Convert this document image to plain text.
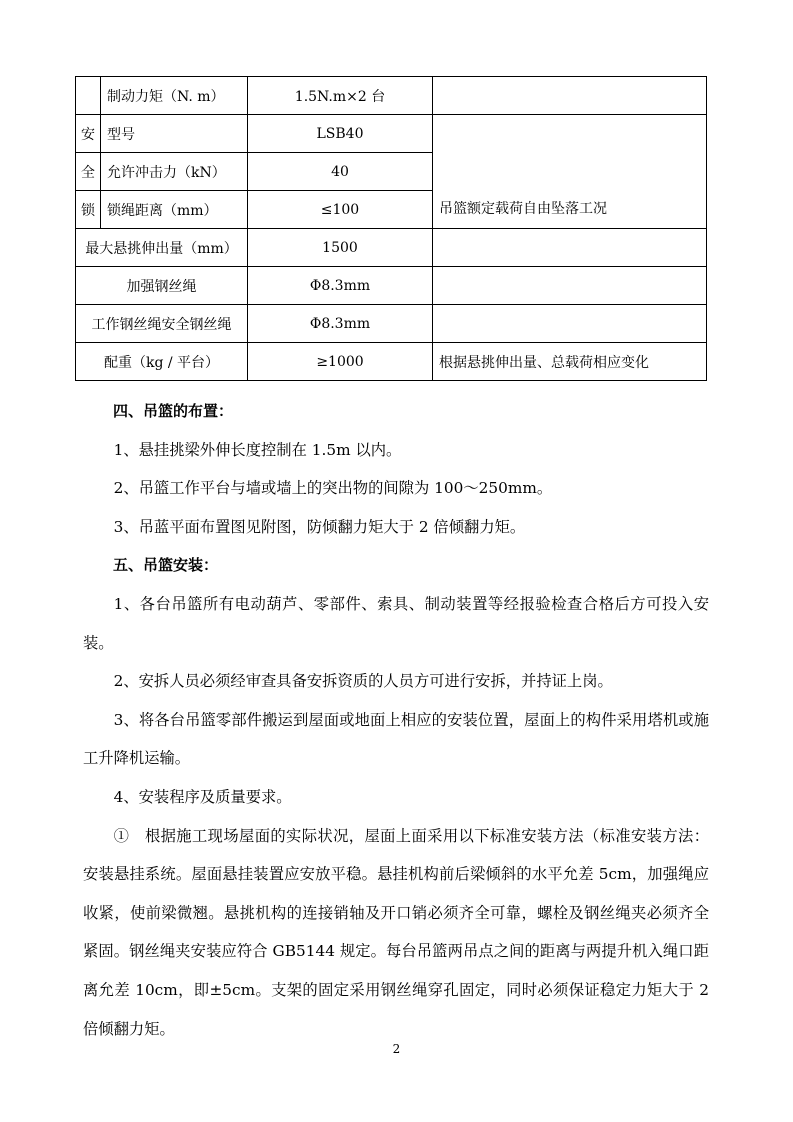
	制动力矩（N. m）	1.5N.m×2 台	
安	型号	LSB40	吊篮额定载荷自由坠落工况
全	允许冲击力（kN）	40	
锁	锁绳距离（mm）	≤100	
最大悬挑伸出量（mm）		1500	
加强钢丝绳		Φ8.3mm	
工作钢丝绳安全钢丝绳		Φ8.3mm	
配重（kg / 平台）		≥1000	根据悬挑伸出量、总载荷相应变化

四、吊篮的布置：

1、悬挂挑梁外伸长度控制在 1.5m 以内。

2、吊篮工作平台与墙或墙上的突出物的间隙为 100～250mm。

3、吊蓝平面布置图见附图，防倾翻力矩大于 2 倍倾翻力矩。

五、吊篮安装：

1、各台吊篮所有电动葫芦、零部件、索具、制动装置等经报验检查合格后方可投入安装。

2、安拆人员必须经审查具备安拆资质的人员方可进行安拆，并持证上岗。

3、将各台吊篮零部件搬运到屋面或地面上相应的安装位置，屋面上的构件采用塔机或施工升降机运输。

4、安装程序及质量要求。

①　根据施工现场屋面的实际状况，屋面上面采用以下标准安装方法（标准安装方法：安装悬挂系统。屋面悬挂装置应安放平稳。悬挂机构前后梁倾斜的水平允差 5cm，加强绳应收紧，使前梁微翘。悬挑机构的连接销轴及开口销必须齐全可靠，螺栓及钢丝绳夹必须齐全紧固。钢丝绳夹安装应符合 GB5144 规定。每台吊篮两吊点之间的距离与两提升机入绳口距离允差 10cm，即±5cm。支架的固定采用钢丝绳穿孔固定，同时必须保证稳定力矩大于 2 倍倾翻力矩。

2
